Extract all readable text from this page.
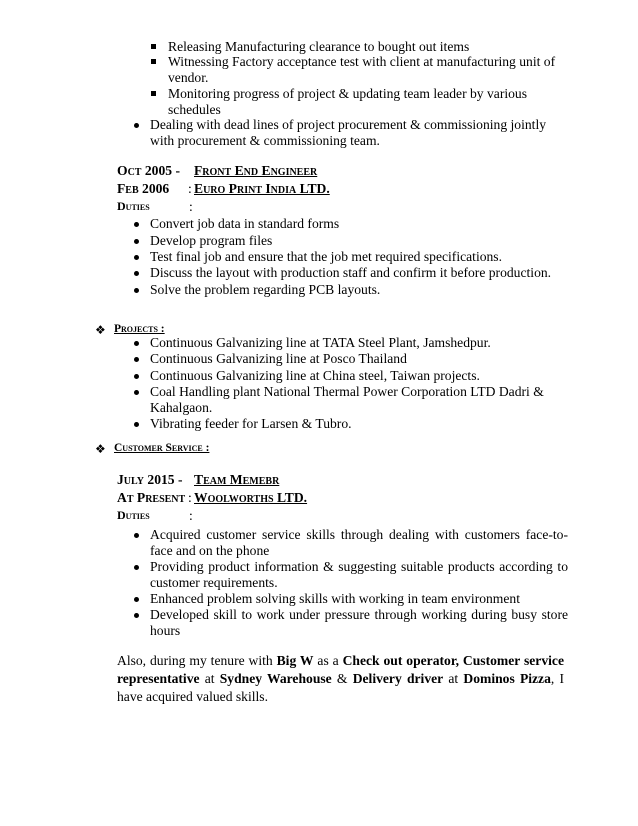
Releasing Manufacturing clearance to bought out items
Witnessing Factory acceptance test with client at manufacturing unit of vendor.
Monitoring progress of project & updating team leader by various schedules
Dealing with dead lines of project procurement & commissioning jointly with procurement & commissioning team.
Oct 2005 - Front End Engineer
Feb 2006 : Euro Print India LTD.
Duties	:
Convert job data in standard forms
Develop program files
Test final job and ensure that the job met required specifications.
Discuss the layout with production staff and confirm it before production.
Solve the problem regarding PCB layouts.
❖ Projects :
Continuous Galvanizing line at TATA Steel Plant, Jamshedpur.
Continuous Galvanizing line at Posco Thailand
Continuous Galvanizing line at China steel, Taiwan projects.
Coal Handling plant National Thermal Power Corporation LTD Dadri & Kahalgaon.
Vibrating feeder for Larsen & Tubro.
❖ Customer Service :
July 2015 - Team Memebr
At Present : Woolworths LTD.
Duties	:
Acquired customer service skills through dealing with customers face-to-face and on the phone
Providing product information & suggesting suitable products according to customer requirements.
Enhanced problem solving skills with working in team environment
Developed skill to work under pressure through working during busy store hours

Also, during my tenure with Big W as a Check out operator, Customer service representative at Sydney Warehouse & Delivery driver at Dominos Pizza, I have acquired valued skills.
